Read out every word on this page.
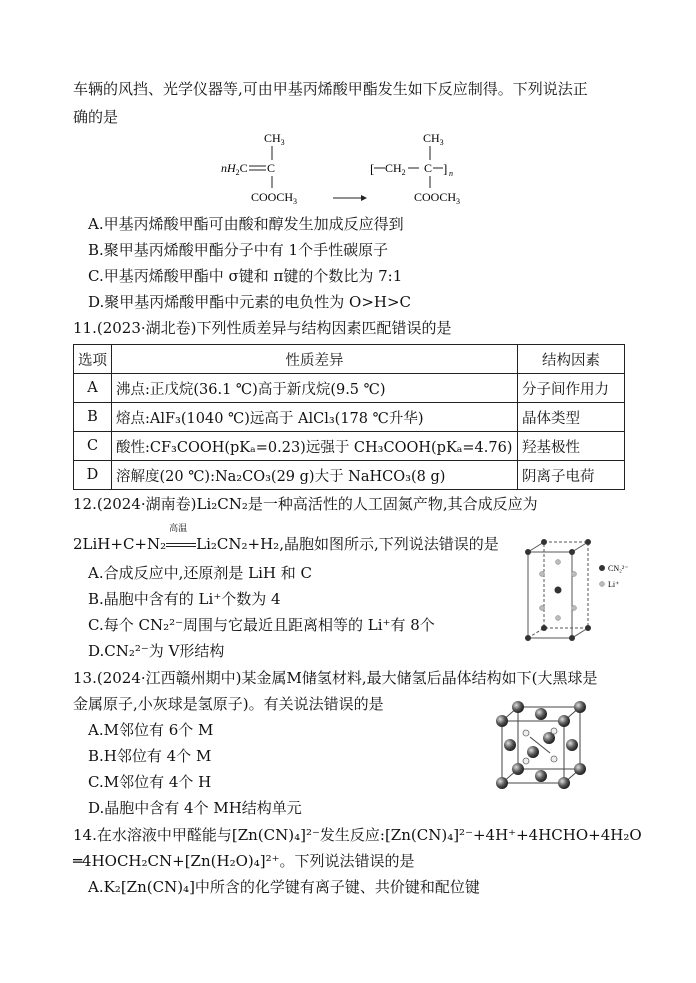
车辆的风挡、光学仪器等,可由甲基丙烯酸甲酯发生如下反应制得。下列说法正
确的是
$CH_3$
$nH_2C$ C
$COOCH_3$
$CH_3$
[ $CH_2$ C ] n
$COOCH_3$
A.甲基丙烯酸甲酯可由酸和醇发生加成反应得到
B.聚甲基丙烯酸甲酯分子中有 1个手性碳原子
C.甲基丙烯酸甲酯中 σ键和 π键的个数比为 7:1
D.聚甲基丙烯酸甲酯中元素的电负性为 O>H>C
11.(2023·湖北卷)下列性质差异与结构因素匹配错误的是
选项	性质差异	结构因素
A	沸点:正戊烷(36.1 ℃)高于新戊烷(9.5 ℃)	分子间作用力
B	熔点:AlF₃(1040 ℃)远高于 AlCl₃(178 ℃升华)	晶体类型
C	酸性:CF₃COOH(pKₐ=0.23)远强于 CH₃COOH(pKₐ=4.76)	羟基极性
D	溶解度(20 ℃):Na₂CO₃(29 g)大于 NaHCO₃(8 g)	阴离子电荷
12.(2024·湖南卷)Li₂CN₂是一种高活性的人工固氮产物,其合成反应为
2LiH+C+N₂
高温
Li₂CN₂+H₂,晶胞如图所示,下列说法错误的是
A.合成反应中,还原剂是 LiH 和 C
B.晶胞中含有的 Li⁺个数为 4
C.每个 CN₂²⁻周围与它最近且距离相等的 Li⁺有 8个
D.CN₂²⁻为 V形结构
CN₂²⁻
Li⁺
13.(2024·江西赣州期中)某金属M储氢材料,最大储氢后晶体结构如下(大黑球是
金属原子,小灰球是氢原子)。有关说法错误的是
A.M邻位有 6个 M
B.H邻位有 4个 M
C.M邻位有 4个 H
D.晶胞中含有 4个 MH结构单元
14.在水溶液中甲醛能与[Zn(CN)₄]²⁻发生反应:[Zn(CN)₄]²⁻+4H⁺+4HCHO+4H₂O
═4HOCH₂CN+[Zn(H₂O)₄]²⁺。下列说法错误的是
A.K₂[Zn(CN)₄]中所含的化学键有离子键、共价键和配位键
